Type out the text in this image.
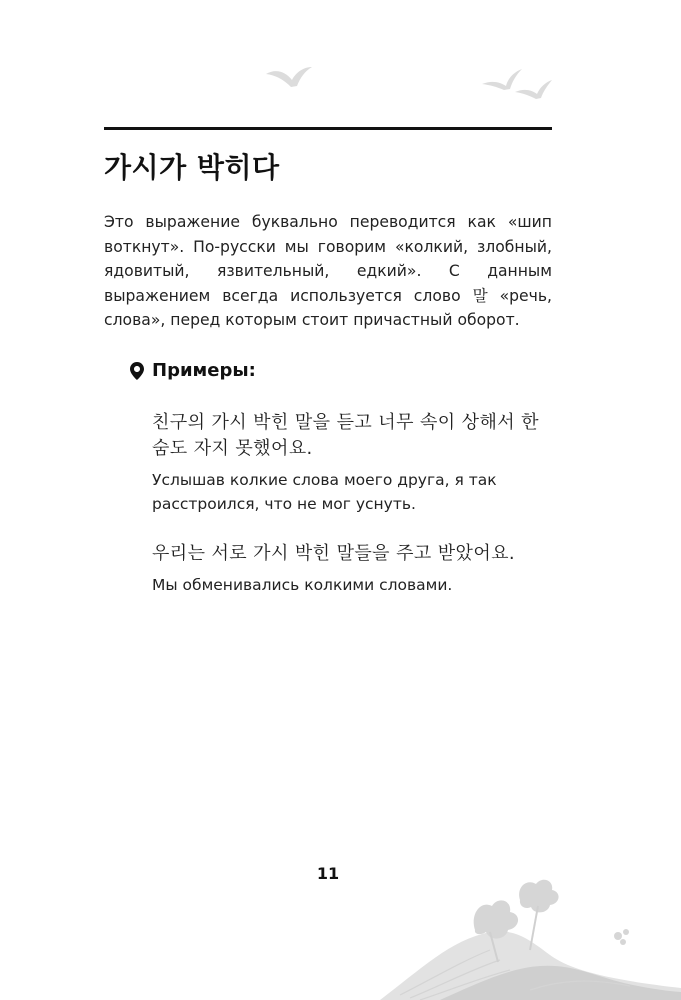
가시가 박히다

Это выражение буквально переводится как «шип воткнут». По-русски мы говорим «колкий, злобный, ядовитый, язвительный, едкий». С данным выражением всегда используется слово 말 «речь, слова», перед которым стоит причастный оборот.

Примеры:

친구의 가시 박힌 말을 듣고 너무 속이 상해서 한숨도 자지 못했어요.

Услышав колкие слова моего друга, я так расстроился, что не мог уснуть.

우리는 서로 가시 박힌 말들을 주고 받았어요.

Мы обменивались колкими словами.

11
